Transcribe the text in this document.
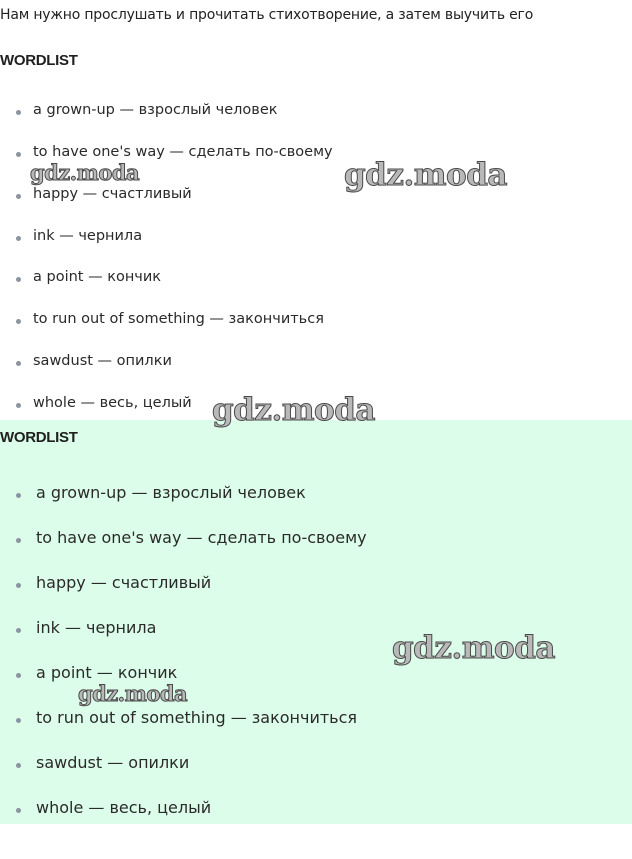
Нам нужно прослушать и прочитать стихотворение, а затем выучить его
WORDLIST
a grown-up — взрослый человек
to have one's way — сделать по-своему
happy — счастливый
ink — чернила
a point — кончик
to run out of something — закончиться
sawdust — опилки
whole — весь, целый
WORDLIST
a grown-up — взрослый человек
to have one's way — сделать по-своему
happy — счастливый
ink — чернила
a point — кончик
to run out of something — закончиться
sawdust — опилки
whole — весь, целый
gdz.moda	gdz.moda
gdz.moda
gdz.moda
gdz.moda
